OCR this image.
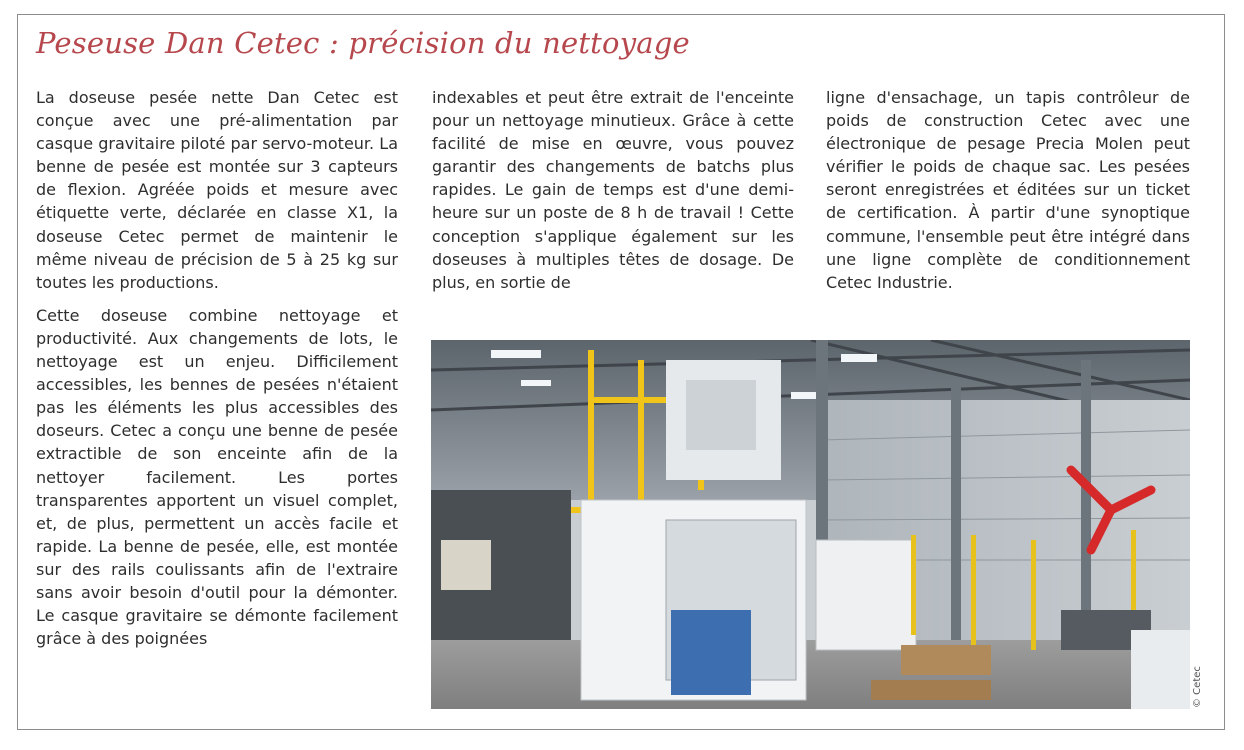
Peseuse Dan Cetec : précision du nettoyage

La doseuse pesée nette Dan Cetec est conçue avec une pré-alimentation par casque gravitaire piloté par servo-moteur. La benne de pesée est montée sur 3 capteurs de flexion. Agréée poids et mesure avec étiquette verte, déclarée en classe X1, la doseuse Cetec permet de maintenir le même niveau de précision de 5 à 25 kg sur toutes les productions.

Cette doseuse combine nettoyage et productivité. Aux changements de lots, le nettoyage est un enjeu. Difficilement accessibles, les bennes de pesées n'étaient pas les éléments les plus accessibles des doseurs. Cetec a conçu une benne de pesée extractible de son enceinte afin de la nettoyer facilement. Les portes transparentes apportent un visuel complet, et, de plus, permettent un accès facile et rapide. La benne de pesée, elle, est montée sur des rails coulissants afin de l'extraire sans avoir besoin d'outil pour la démonter. Le casque gravitaire se démonte facilement grâce à des poignées

indexables et peut être extrait de l'enceinte pour un nettoyage minutieux. Grâce à cette facilité de mise en œuvre, vous pouvez garantir des changements de batchs plus rapides. Le gain de temps est d'une demi-heure sur un poste de 8 h de travail ! Cette conception s'applique également sur les doseuses à multiples têtes de dosage. De plus, en sortie de

ligne d'ensachage, un tapis contrôleur de poids de construction Cetec avec une électronique de pesage Precia Molen peut vérifier le poids de chaque sac. Les pesées seront enregistrées et éditées sur un ticket de certification. À partir d'une synoptique commune, l'ensemble peut être intégré dans une ligne complète de conditionnement Cetec Industrie.

© Cetec
